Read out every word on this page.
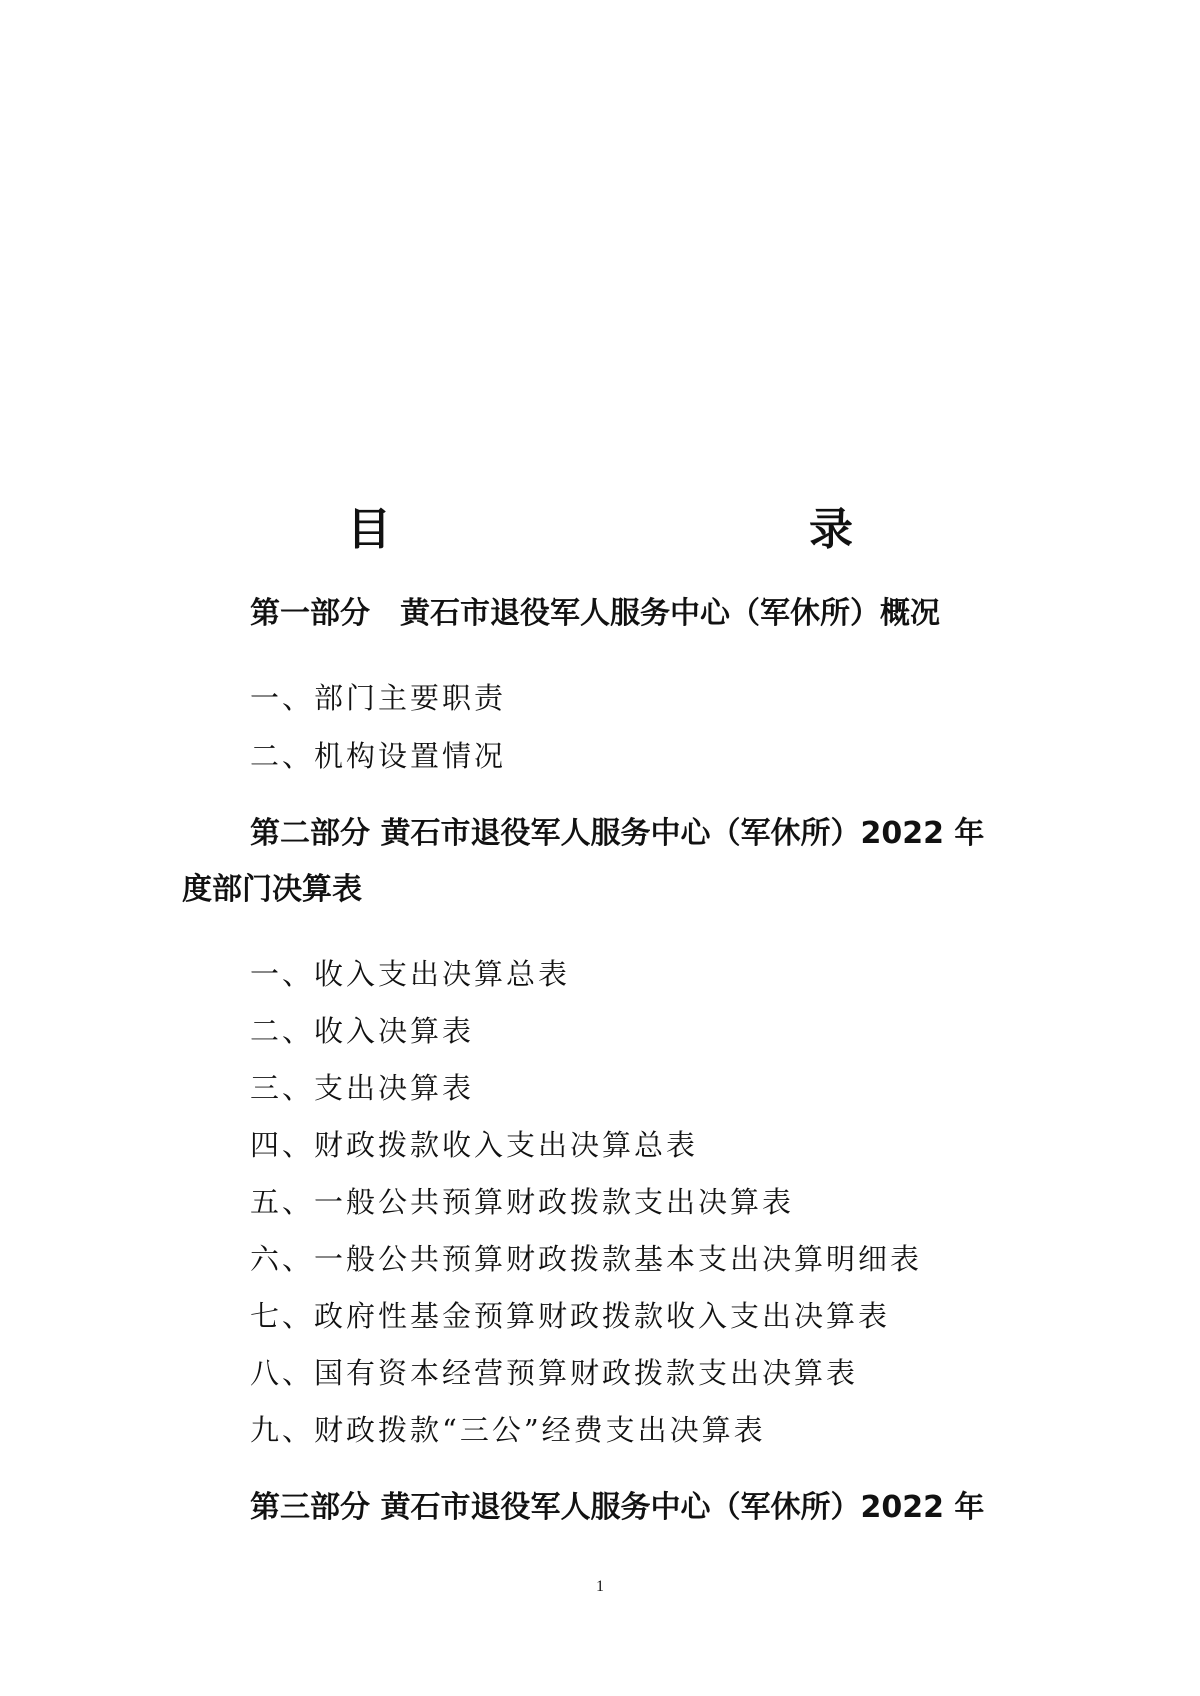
目　　录
第一部分　黄石市退役军人服务中心（军休所）概况
一、部门主要职责
二、机构设置情况
第二部分 黄石市退役军人服务中心（军休所）2022 年
度部门决算表
一、收入支出决算总表
二、收入决算表
三、支出决算表
四、财政拨款收入支出决算总表
五、一般公共预算财政拨款支出决算表
六、一般公共预算财政拨款基本支出决算明细表
七、政府性基金预算财政拨款收入支出决算表
八、国有资本经营预算财政拨款支出决算表
九、财政拨款“三公”经费支出决算表
第三部分 黄石市退役军人服务中心（军休所）2022 年
1
